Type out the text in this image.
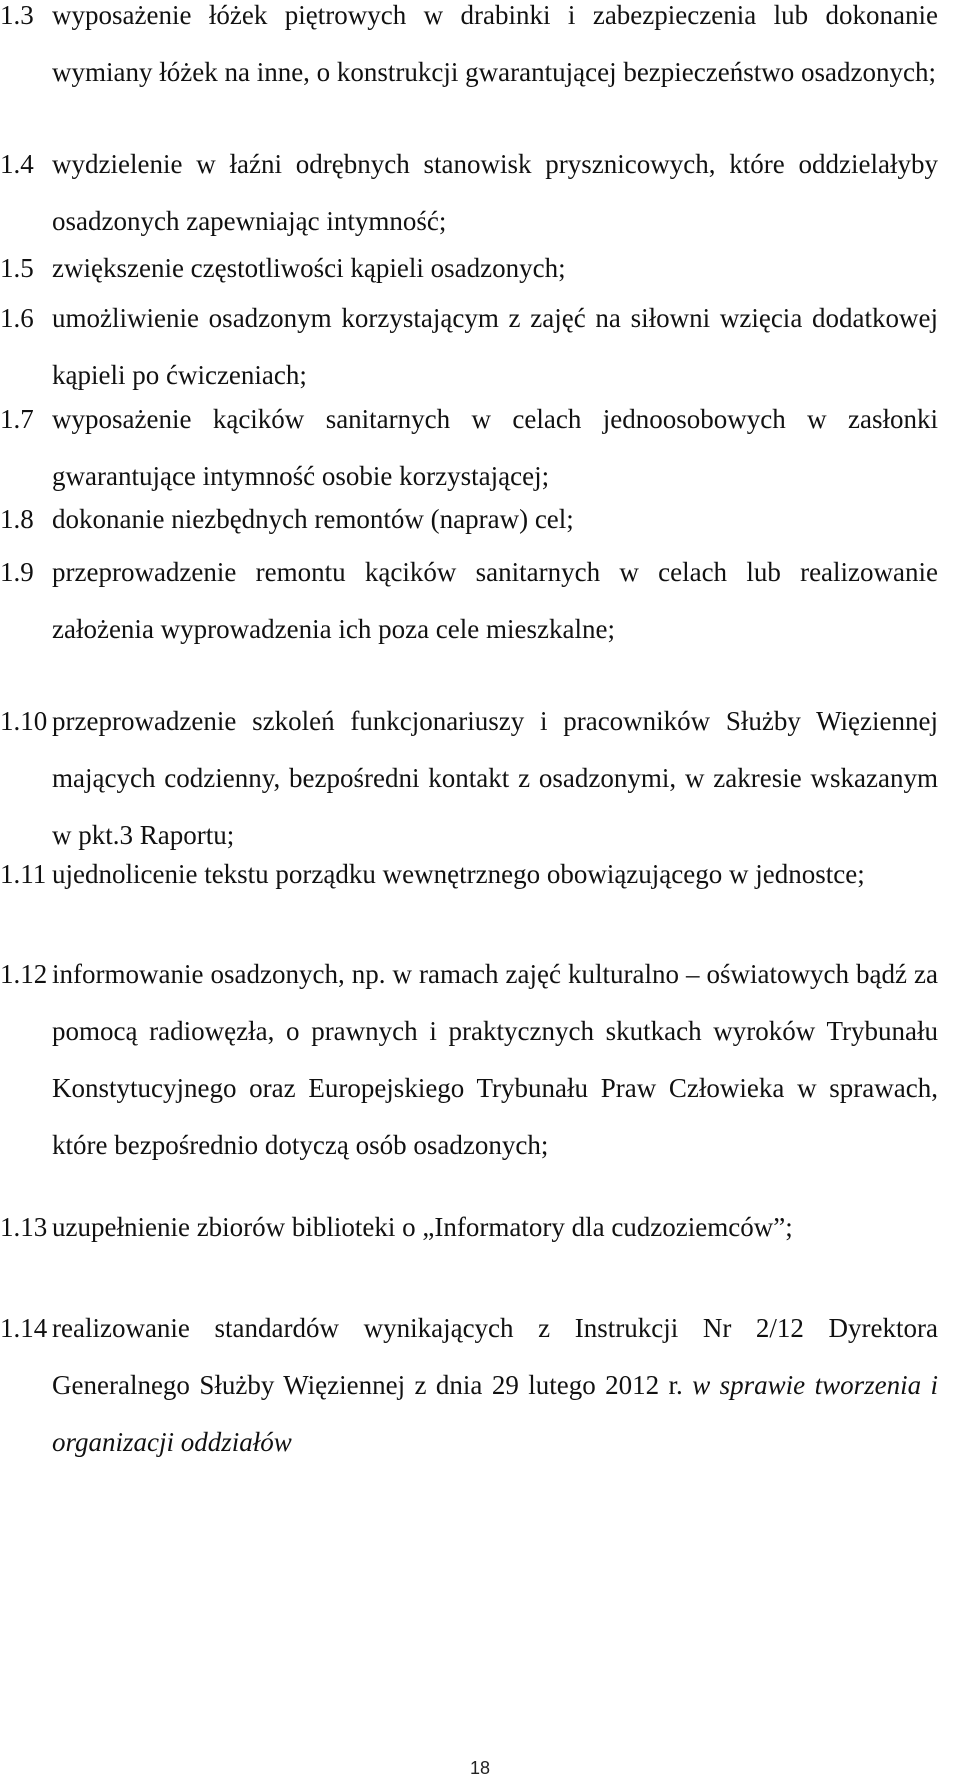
1.3 wyposażenie łóżek piętrowych w drabinki i zabezpieczenia lub dokonanie wymiany łóżek na inne, o konstrukcji gwarantującej bezpieczeństwo osadzonych;
1.4 wydzielenie w łaźni odrębnych stanowisk prysznicowych, które oddzielałyby osadzonych zapewniając intymność;
1.5 zwiększenie częstotliwości kąpieli osadzonych;
1.6 umożliwienie osadzonym korzystającym z zajęć na siłowni wzięcia dodatkowej kąpieli po ćwiczeniach;
1.7 wyposażenie kącików sanitarnych w celach jednoosobowych w zasłonki gwarantujące intymność osobie korzystającej;
1.8 dokonanie niezbędnych remontów (napraw) cel;
1.9 przeprowadzenie remontu kącików sanitarnych w celach lub realizowanie założenia wyprowadzenia ich poza cele mieszkalne;
1.10 przeprowadzenie szkoleń funkcjonariuszy i pracowników Służby Więziennej mających codzienny, bezpośredni kontakt z osadzonymi, w zakresie wskazanym w pkt.3 Raportu;
1.11 ujednolicenie tekstu porządku wewnętrznego obowiązującego w jednostce;
1.12 informowanie osadzonych, np. w ramach zajęć kulturalno – oświatowych bądź za pomocą radiowęzła, o prawnych i praktycznych skutkach wyroków Trybunału Konstytucyjnego oraz Europejskiego Trybunału Praw Człowieka w sprawach, które bezpośrednio dotyczą osób osadzonych;
1.13 uzupełnienie zbiorów biblioteki o „Informatory dla cudzoziemców”;
1.14 realizowanie standardów wynikających z Instrukcji Nr 2/12 Dyrektora Generalnego Służby Więziennej z dnia 29 lutego 2012 r. w sprawie tworzenia i organizacji oddziałów
18
